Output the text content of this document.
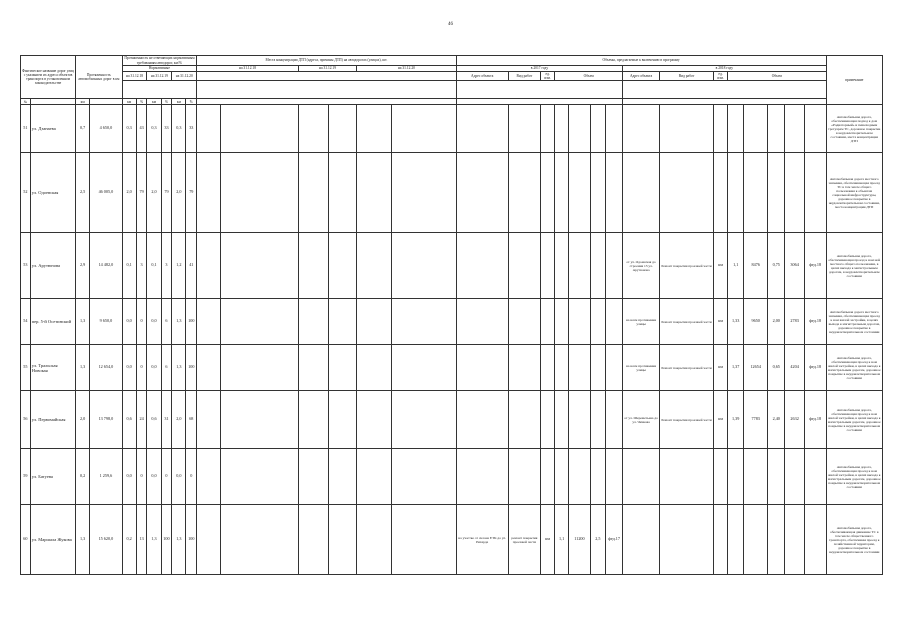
46
Фактическое название дорог улиц с указанием их адреса объектов транспорта в установленном законодательстве		Протяженность автомобильных дорог в км		Протяженность не отвечающих нормативным требованиям автодорог, км/%						Места концентрации ДТП (адреса, причины ДТП) на автодорогах (улицах), шт.						Объемы, предлагаемые к включению в программу															примечание
				Нормативные						на 31.12.18		на 31.12.19		на 31.12.20		в 2017 году							в 2018 году								
				на 31.12.18		на 31.12.19		на 31.12.20								Адрес объекта	Вид работ	ед. изм.	Объем				Адрес объекта	Вид работ	ед. изм.	Объем					

№		км		км	%	км	%	км	%																						
51	ул. Дзанаева	0,7	4 650,0	0,3	43	0,3	33	0,3	33																						Автомобильная дорога, обеспечивающая подход к дом «Радиаторный» и пешеходным тротуарам ТС, дорожное покрытие в неудовлетворительном состоянии, места концентрации ДТП
52	ул. Одоевская	2,5	46 005,0	2,0	79	2,0	79	2,0	79																						Автомобильная дорога местного значения, обеспечивающая проезд ТС в том числе общего пользования к объектам социальной инфраструктуры, дорожное покрытие в неудовлетворительном состоянии, места концентрации ДТП
53	ул. Арутюнова	2,9	14 482,0	0,1	3	0,1	3	1,2	41														от ул. Одоевская до строения 13 ул. Арутюнова	Ремонт покрытия проезжей части	км	1,1	8476	0,75	3064	фед.18	Автомобильная дорога, обеспечивающая проезд к ном ной местного общего пользования, в целях выхода к магистральным дорогам, в неудовлетворительном состоянии
54	пер. 5-й Осетинский	1,3	9 650,0	0,0	0	0,0	6	1,3	100														на всем протяжении улицы	Ремонт покрытия проезжей части	км	1,33	9650	2,00	2783	фед.18	Автомобильная дорога местного значения, обеспечивающая проезд к ном жилой застройки, в целях выхода к магистральным дорогам, дорожное покрытие в неудовлетворительном состоянии
55	ул. Тральская Новокая	1,3	12 654,0	0,0	0	0,0	6	1,3	100														на всем протяжении улицы	Ремонт покрытия проезжей части	км	1,37	12654	0,65	4204	фед.18	Автомобильная дорога, обеспечивающая проезд к ном жилой застройки, в целях выхода к магистральным дорогам, дорожное покрытие в неудовлетворительном состоянии
56	ул. Первомайская	2,0	13 798,0	0,6	24	0,6	31	2,0	68														от ул. Шереметьева до ул. Чичкова	Ремонт покрытия проезжей части	км	1,39	7783	2,40	2632	фед.18	Автомобильная дорога, обеспечивающая проезд к ном жилой застройки, в целях выхода к магистральным дорогам, дорожное покрытие в неудовлетворительном состоянии
59	ул. Батуева	0,2	1 259,6	0,0	0	0,0	0	0,0	0																						Автомобильная дорога, обеспечивающая проезд к ном жилой застройки, в целях выхода к магистральным дорогам, дорожное покрытие в неудовлетворительном состоянии
60	ул. Маршала Жукова	1,3	15 620,0	0,2	13	1,3	100	1,3	100							на участке от склона ЕТК до ул. Рихарда	ремонт покрытия проезжей части	км	1,1	11200	2,5	фед.17									Автомобильная дорога, обеспечивающая движение ТС в том числе общественного транспорта, обеспечивая проезд к хозяйственной территории, дорожное покрытие в неудовлетворительном состоянии
